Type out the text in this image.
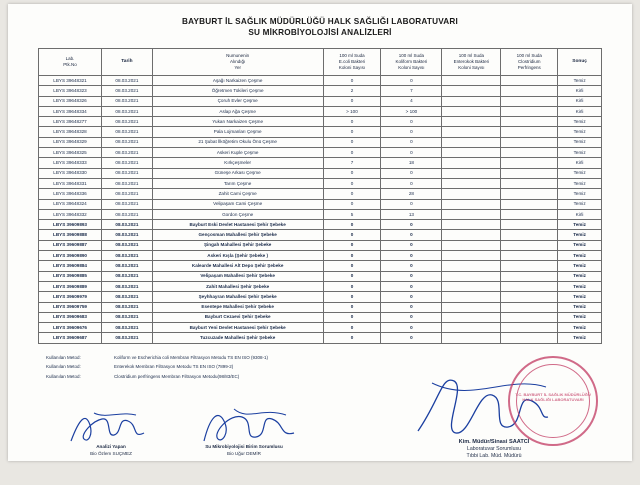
BAYBURT İL SAĞLIK MÜDÜRLÜĞÜ HALK SAĞLIĞI LABORATUVARI
SU MİKROBİYOLOJİSİ ANALİZLERİ
Lab.
Ptk.No	Tarih	Numunenin
Alındığı
Yer	100 ml Suda
E.coli Bakteri
Koloni Sayısı	100 ml Suda
Koliform Bakteri
Koloni Sayısı	100 ml Suda
Enterokok Bakteri
Koloni Sayısı	100 ml Suda
Clostridium
Perfringens	Sonuç
LBYS 39648321	08.03.2021	Aşağı Narkaizen Çeşme	0	0			Temiz
LBYS 39648323	08.03.2021	Öğretmen Tokileri Çeşme	2	7			Kirli
LBYS 39648326	08.03.2021	Çoruh Evler Çeşme	0	4			Kirli
LBYS 39648334	08.03.2021	Aslap Ağa Çeşme	> 100	> 100			Kirli
LBYS 39648277	08.03.2021	Yukarı Narkaizen Çeşme	0	0			Temiz
LBYS 39648328	08.03.2021	Pala Lojmanları Çeşme	0	0			Temiz
LBYS 39648329	08.03.2021	21 Şubat İlköğretim Okulu Önü Çeşme	0	0			Temiz
LBYS 39648325	08.03.2021	Askeri Kuple Çeşme	0	0			Temiz
LBYS 39648333	08.03.2021	Kırkçeşmeler	7	18			Kirli
LBYS 39648330	08.03.2021	Güneşe Arkası Çeşme	0	0			Temiz
LBYS 39648331	08.03.2021	Tarım Çeşme	0	0			Temiz
LBYS 39648336	08.03.2021	Zahit Cami Çeşme	0	28			Temiz
LBYS 39648324	08.03.2021	Velipaşam Cami Çeşme	0	0			Temiz
LBYS 39648332	08.03.2021	Gordon Çeşme	5	13			Kirli
LBYS 39609893	08.03.2021	Bayburt Eski Devlet Hastanesi Şehir Şebeke	0	0			Temiz
LBYS 39609888	08.03.2021	Gençosman Mahallesi Şehir Şebeke	0	0			Temiz
LBYS 39609887	08.03.2021	Şingah Mahallesi Şehir Şebeke	0	0			Temiz
LBYS 39609890	08.03.2021	Askeri Kışla (Şehir Şebeke )	0	0			Temiz
LBYS 39609884	08.03.2021	Kalearde Mahallesi Alt Depo Şehir Şebeke	0	0			Temiz
LBYS 39609885	08.03.2021	Velipaşam Mahallesi Şehir Şebeke	0	0			Temiz
LBYS 39609889	08.03.2021	Zahit Mahallesi Şehir Şebeke	0	0			Temiz
LBYS 39609979	08.03.2021	Şeyhhayran Mahallesi Şehir Şebeke	0	0			Temiz
LBYS 39609759	08.03.2021	Esentepe Mahallesi Şehir Şebeke	0	0			Temiz
LBYS 39609683	08.03.2021	Bayburt Cezaevi Şehir Şebeke	0	0			Temiz
LBYS 39609676	08.03.2021	Bayburt Yeni Devlet Hastanesi Şehir Şebeke	0	0			Temiz
LBYS 39609687	08.03.2021	Tuzcuzade Mahallesi Şehir Şebeke	0	0			Temiz
Kullanılan Metod:	Koliform ve Escherichia coli Membran Filtrasyon Metodu TS EN ISO (9308-1)
Kullanılan Metod:	Enterekok Membran Filtrasyon Metodu TS EN ISO (7899-2)
Kullanılan Metod:	Clostridium perfringens Membran Filtrasyon Metodu(98/83/EC)
Analizi Yapan
Bio Özlem SUÇMEZ
Su Mikrobiyolojisi Birim Sorumlusu
Bio Uğur DEMİR
Kim. Müdür/Sinasi SAATCİ
Laboratuvar Sorumlusu
Tıbbi Lab. Müd. Müdürü
T.C. BAYBURT İL SAĞLIK MÜDÜRLÜĞÜ HALK SAĞLIĞI LABORATUVARI
